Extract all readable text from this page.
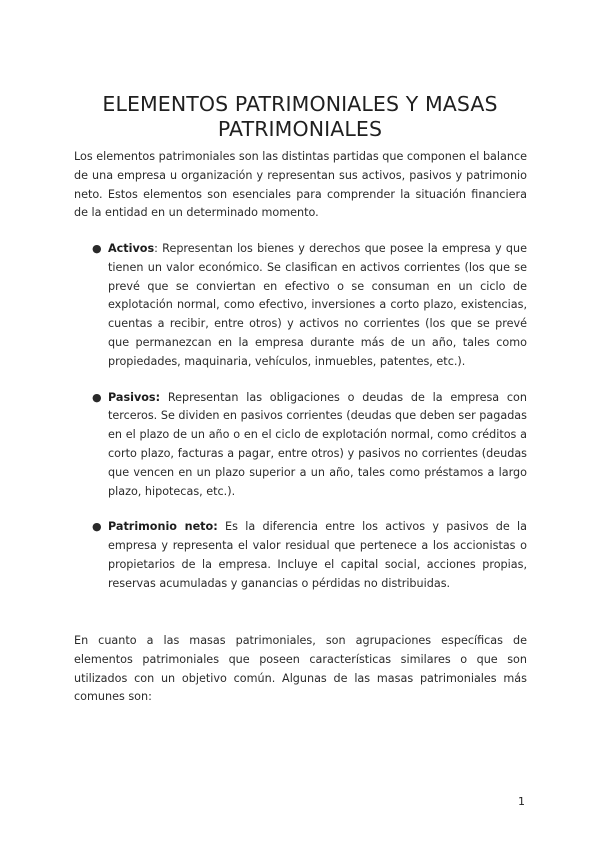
ELEMENTOS PATRIMONIALES Y MASAS PATRIMONIALES

Los elementos patrimoniales son las distintas partidas que componen el balance de una empresa u organización y representan sus activos, pasivos y patrimonio neto. Estos elementos son esenciales para comprender la situación financiera de la entidad en un determinado momento.

● Activos: Representan los bienes y derechos que posee la empresa y que tienen un valor económico. Se clasifican en activos corrientes (los que se prevé que se conviertan en efectivo o se consuman en un ciclo de explotación normal, como efectivo, inversiones a corto plazo, existencias, cuentas a recibir, entre otros) y activos no corrientes (los que se prevé que permanezcan en la empresa durante más de un año, tales como propiedades, maquinaria, vehículos, inmuebles, patentes, etc.).
● Pasivos: Representan las obligaciones o deudas de la empresa con terceros. Se dividen en pasivos corrientes (deudas que deben ser pagadas en el plazo de un año o en el ciclo de explotación normal, como créditos a corto plazo, facturas a pagar, entre otros) y pasivos no corrientes (deudas que vencen en un plazo superior a un año, tales como préstamos a largo plazo, hipotecas, etc.).
● Patrimonio neto: Es la diferencia entre los activos y pasivos de la empresa y representa el valor residual que pertenece a los accionistas o propietarios de la empresa. Incluye el capital social, acciones propias, reservas acumuladas y ganancias o pérdidas no distribuidas.

En cuanto a las masas patrimoniales, son agrupaciones específicas de elementos patrimoniales que poseen características similares o que son utilizados con un objetivo común. Algunas de las masas patrimoniales más comunes son:

1
